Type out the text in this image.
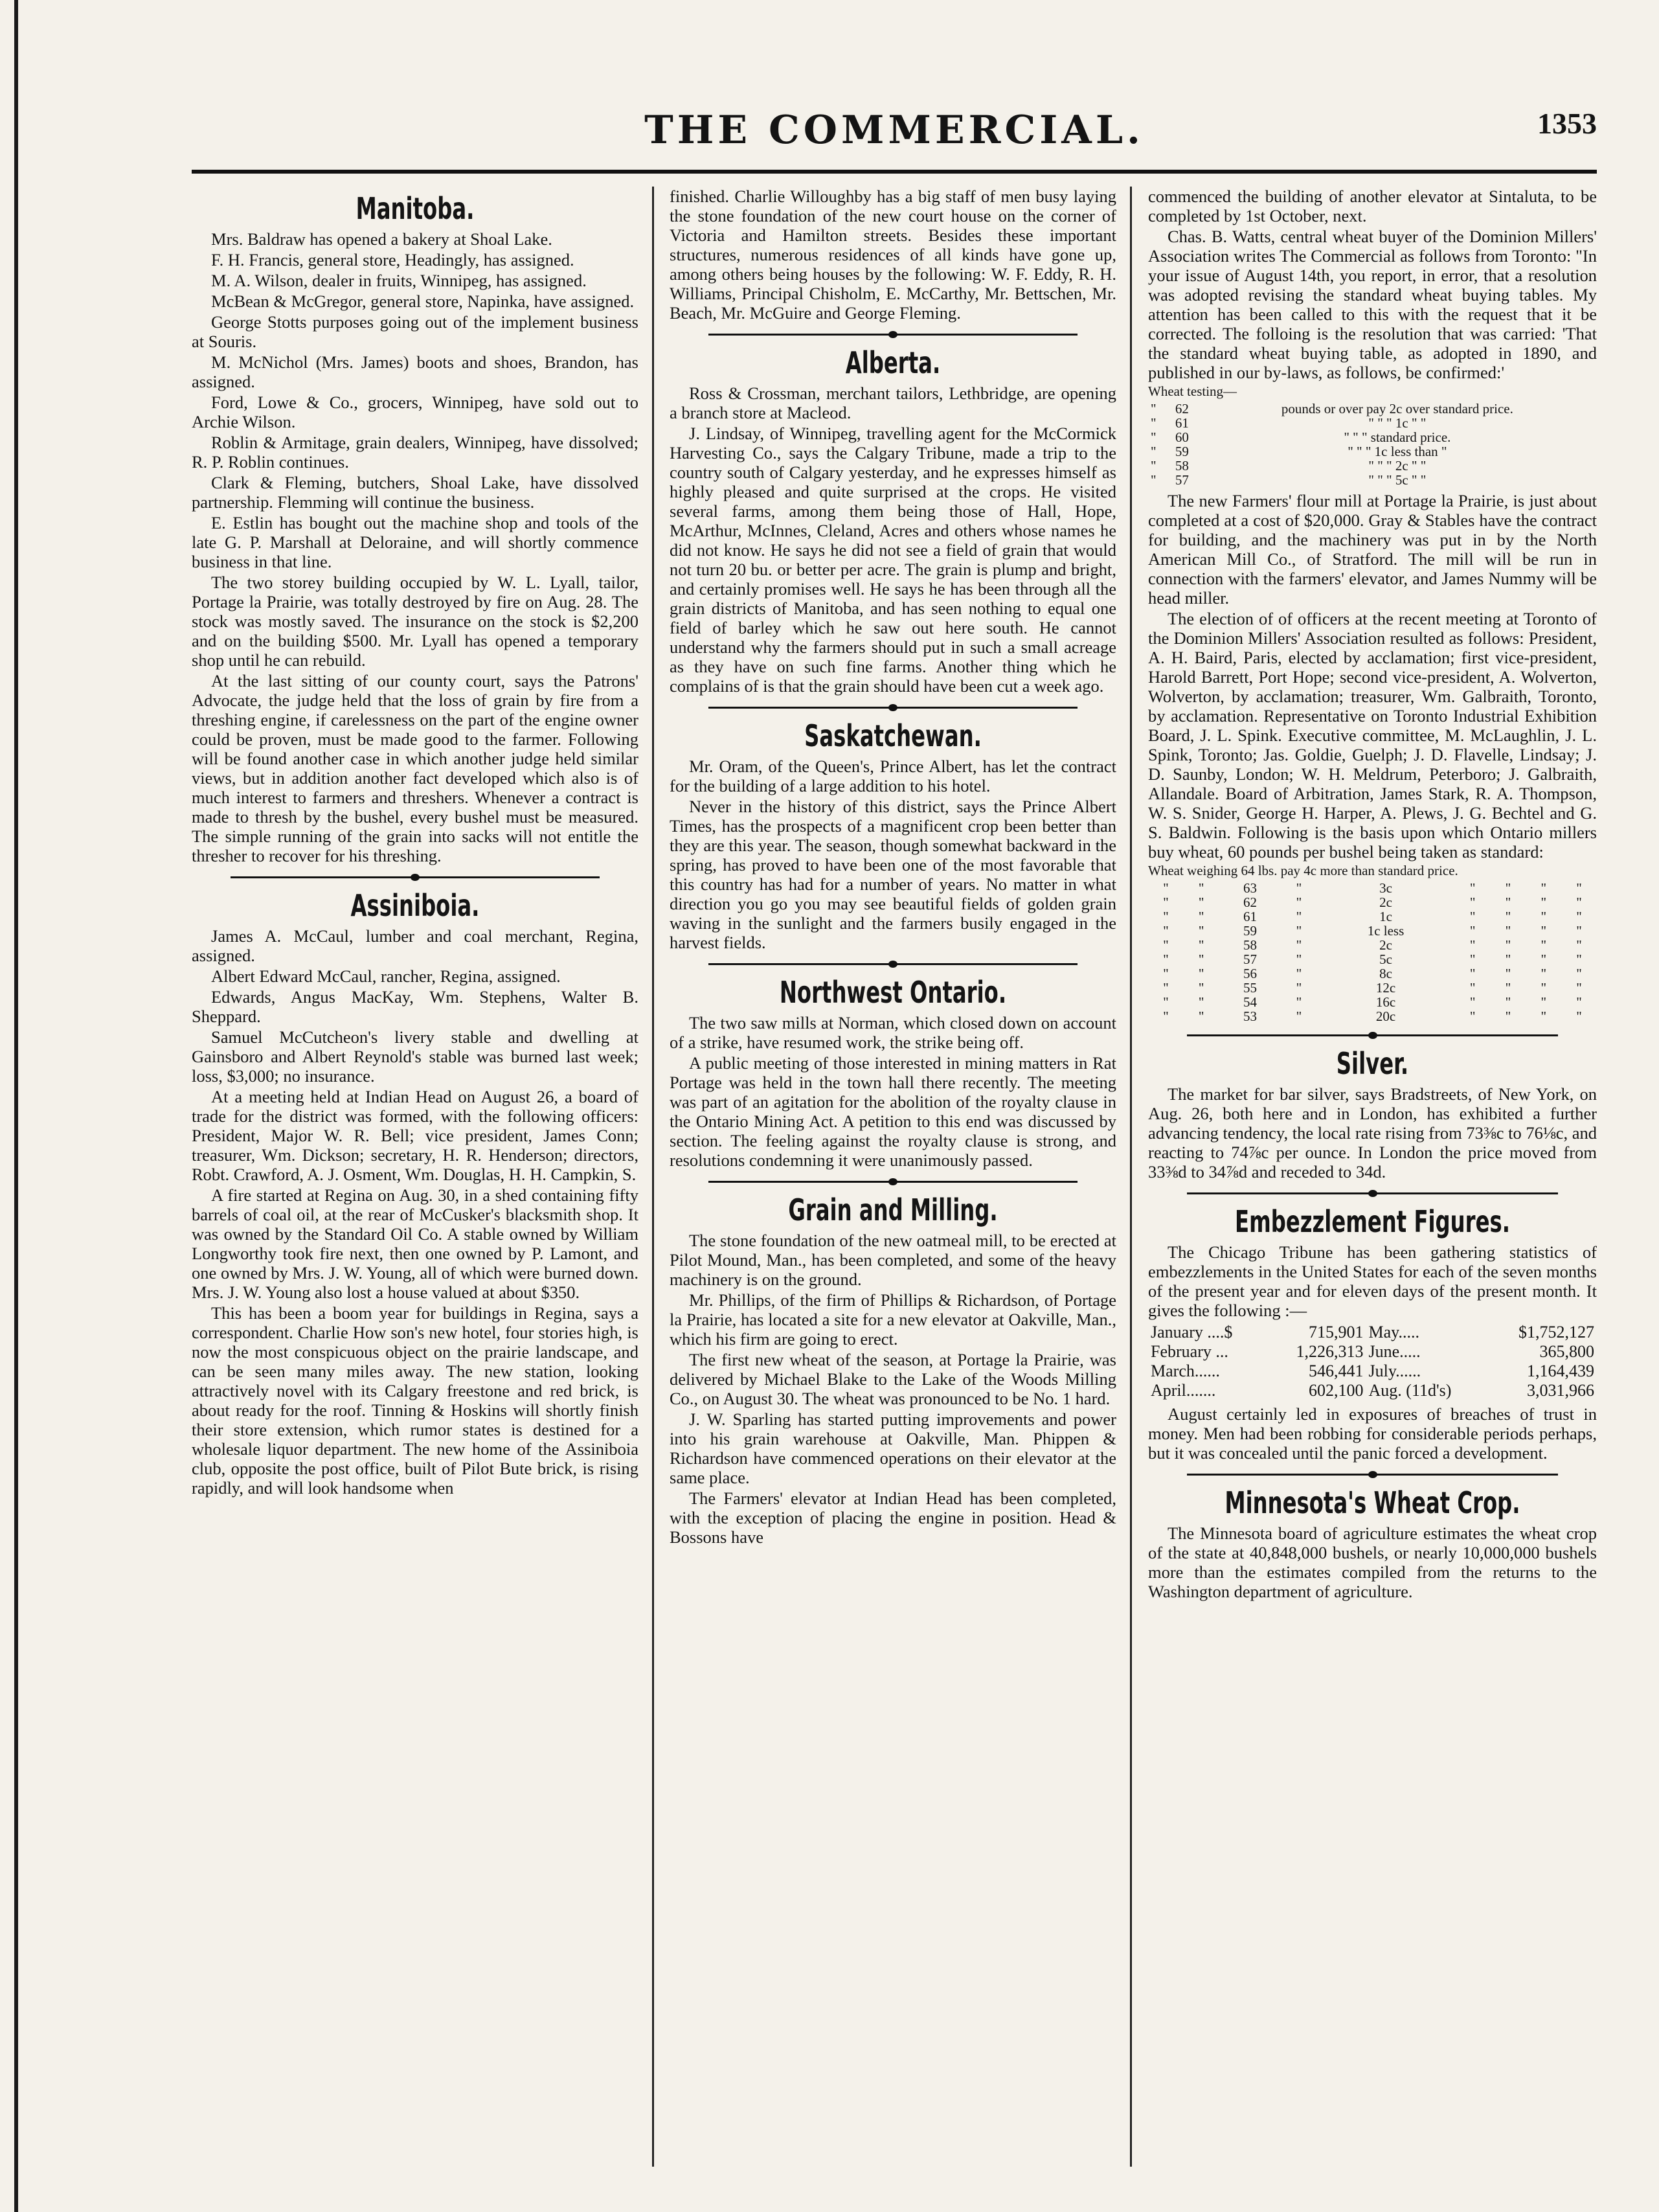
THE COMMERCIAL.	1353
Manitoba.

Mrs. Baldraw has opened a bakery at Shoal Lake.

F. H. Francis, general store, Headingly, has assigned.

M. A. Wilson, dealer in fruits, Winnipeg, has assigned.

McBean & McGregor, general store, Napinka, have assigned.

George Stotts purposes going out of the implement business at Souris.

M. McNichol (Mrs. James) boots and shoes, Brandon, has assigned.

Ford, Lowe & Co., grocers, Winnipeg, have sold out to Archie Wilson.

Roblin & Armitage, grain dealers, Winnipeg, have dissolved; R. P. Roblin continues.

Clark & Fleming, butchers, Shoal Lake, have dissolved partnership. Flemming will continue the business.

E. Estlin has bought out the machine shop and tools of the late G. P. Marshall at Deloraine, and will shortly commence business in that line.

The two storey building occupied by W. L. Lyall, tailor, Portage la Prairie, was totally destroyed by fire on Aug. 28. The stock was mostly saved. The insurance on the stock is $2,200 and on the building $500. Mr. Lyall has opened a temporary shop until he can rebuild.

At the last sitting of our county court, says the Patrons' Advocate, the judge held that the loss of grain by fire from a threshing engine, if carelessness on the part of the engine owner could be proven, must be made good to the farmer. Following will be found another case in which another judge held similar views, but in addition another fact developed which also is of much interest to farmers and threshers. Whenever a contract is made to thresh by the bushel, every bushel must be measured. The simple running of the grain into sacks will not entitle the thresher to recover for his threshing.

Assiniboia.

James A. McCaul, lumber and coal merchant, Regina, assigned.

Albert Edward McCaul, rancher, Regina, assigned.

Edwards, Angus MacKay, Wm. Stephens, Walter B. Sheppard.

Samuel McCutcheon's livery stable and dwelling at Gainsboro and Albert Reynold's stable was burned last week; loss, $3,000; no insurance.

At a meeting held at Indian Head on August 26, a board of trade for the district was formed, with the following officers: President, Major W. R. Bell; vice president, James Conn; treasurer, Wm. Dickson; secretary, H. R. Henderson; directors, Robt. Crawford, A. J. Osment, Wm. Douglas, H. H. Campkin, S.

A fire started at Regina on Aug. 30, in a shed containing fifty barrels of coal oil, at the rear of McCusker's blacksmith shop. It was owned by the Standard Oil Co. A stable owned by William Longworthy took fire next, then one owned by P. Lamont, and one owned by Mrs. J. W. Young, all of which were burned down. Mrs. J. W. Young also lost a house valued at about $350.

This has been a boom year for buildings in Regina, says a correspondent. Charlie How son's new hotel, four stories high, is now the most conspicuous object on the prairie landscape, and can be seen many miles away. The new station, looking attractively novel with its Calgary freestone and red brick, is about ready for the roof. Tinning & Hoskins will shortly finish their store extension, which rumor states is destined for a wholesale liquor department. The new home of the Assiniboia club, opposite the post office, built of Pilot Bute brick, is rising rapidly, and will look handsome when

finished. Charlie Willoughby has a big staff of men busy laying the stone foundation of the new court house on the corner of Victoria and Hamilton streets. Besides these important structures, numerous residences of all kinds have gone up, among others being houses by the following: W. F. Eddy, R. H. Williams, Principal Chisholm, E. McCarthy, Mr. Bettschen, Mr. Beach, Mr. McGuire and George Fleming.

Alberta.

Ross & Crossman, merchant tailors, Lethbridge, are opening a branch store at Macleod.

J. Lindsay, of Winnipeg, travelling agent for the McCormick Harvesting Co., says the Calgary Tribune, made a trip to the country south of Calgary yesterday, and he expresses himself as highly pleased and quite surprised at the crops. He visited several farms, among them being those of Hall, Hope, McArthur, McInnes, Cleland, Acres and others whose names he did not know. He says he did not see a field of grain that would not turn 20 bu. or better per acre. The grain is plump and bright, and certainly promises well. He says he has been through all the grain districts of Manitoba, and has seen nothing to equal one field of barley which he saw out here south. He cannot understand why the farmers should put in such a small acreage as they have on such fine farms. Another thing which he complains of is that the grain should have been cut a week ago.

Saskatchewan.

Mr. Oram, of the Queen's, Prince Albert, has let the contract for the building of a large addition to his hotel.

Never in the history of this district, says the Prince Albert Times, has the prospects of a magnificent crop been better than they are this year. The season, though somewhat backward in the spring, has proved to have been one of the most favorable that this country has had for a number of years. No matter in what direction you go you may see beautiful fields of golden grain waving in the sunlight and the farmers busily engaged in the harvest fields.

Northwest Ontario.

The two saw mills at Norman, which closed down on account of a strike, have resumed work, the strike being off.

A public meeting of those interested in mining matters in Rat Portage was held in the town hall there recently. The meeting was part of an agitation for the abolition of the royalty clause in the Ontario Mining Act. A petition to this end was discussed by section. The feeling against the royalty clause is strong, and resolutions condemning it were unanimously passed.

Grain and Milling.

The stone foundation of the new oatmeal mill, to be erected at Pilot Mound, Man., has been completed, and some of the heavy machinery is on the ground.

Mr. Phillips, of the firm of Phillips & Richardson, of Portage la Prairie, has located a site for a new elevator at Oakville, Man., which his firm are going to erect.

The first new wheat of the season, at Portage la Prairie, was delivered by Michael Blake to the Lake of the Woods Milling Co., on August 30. The wheat was pronounced to be No. 1 hard.

J. W. Sparling has started putting improvements and power into his grain warehouse at Oakville, Man. Phippen & Richardson have commenced operations on their elevator at the same place.

The Farmers' elevator at Indian Head has been completed, with the exception of placing the engine in position. Head & Bossons have

commenced the building of another elevator at Sintaluta, to be completed by 1st October, next.

Chas. B. Watts, central wheat buyer of the Dominion Millers' Association writes The Commercial as follows from Toronto: "In your issue of August 14th, you report, in error, that a resolution was adopted revising the standard wheat buying tables. My attention has been called to this with the request that it be corrected. The folloing is the resolution that was carried: 'That the standard wheat buying table, as adopted in 1890, and published in our by-laws, as follows, be confirmed:'

Wheat testing—
"	62	pounds or over pay 2c over standard price.
"	61	" " " 1c " "
"	60	" " " standard price.
"	59	" " " 1c less than "
"	58	" " " 2c " "
"	57	" " " 5c " "

The new Farmers' flour mill at Portage la Prairie, is just about completed at a cost of $20,000. Gray & Stables have the contract for building, and the machinery was put in by the North American Mill Co., of Stratford. The mill will be run in connection with the farmers' elevator, and James Nummy will be head miller.

The election of of officers at the recent meeting at Toronto of the Dominion Millers' Association resulted as follows: President, A. H. Baird, Paris, elected by acclamation; first vice-president, Harold Barrett, Port Hope; second vice-president, A. Wolverton, Wolverton, by acclamation; treasurer, Wm. Galbraith, Toronto, by acclamation. Representative on Toronto Industrial Exhibition Board, J. L. Spink. Executive committee, M. McLaughlin, J. L. Spink, Toronto; Jas. Goldie, Guelph; J. D. Flavelle, Lindsay; J. D. Saunby, London; W. H. Meldrum, Peterboro; J. Galbraith, Allandale. Board of Arbitration, James Stark, R. A. Thompson, W. S. Snider, George H. Harper, A. Plews, J. G. Bechtel and G. S. Baldwin. Following is the basis upon which Ontario millers buy wheat, 60 pounds per bushel being taken as standard:

Wheat weighing 64 lbs. pay 4c more than standard price.
"	"	63	"	3c	"	"	"	"
"	"	62	"	2c	"	"	"	"
"	"	61	"	1c	"	"	"	"
"	"	59	"	1c less	"	"	"	"
"	"	58	"	2c	"	"	"	"
"	"	57	"	5c	"	"	"	"
"	"	56	"	8c	"	"	"	"
"	"	55	"	12c	"	"	"	"
"	"	54	"	16c	"	"	"	"
"	"	53	"	20c	"	"	"	"
Silver.

The market for bar silver, says Bradstreets, of New York, on Aug. 26, both here and in London, has exhibited a further advancing tendency, the local rate rising from 73⅜c to 76⅛c, and reacting to 74⅞c per ounce. In London the price moved from 33⅜d to 34⅞d and receded to 34d.

Embezzlement Figures.

The Chicago Tribune has been gathering statistics of embezzlements in the United States for each of the seven months of the present year and for eleven days of the present month. It gives the following :—

January ....$	715,901	May.....	$1,752,127
February ...	1,226,313	June.....	365,800
March......	546,441	July......	1,164,439
April.......	602,100	Aug. (11d's)	3,031,966

August certainly led in exposures of breaches of trust in money. Men had been robbing for considerable periods perhaps, but it was concealed until the panic forced a development.

Minnesota's Wheat Crop.

The Minnesota board of agriculture estimates the wheat crop of the state at 40,848,000 bushels, or nearly 10,000,000 bushels more than the estimates compiled from the returns to the Washington department of agriculture.
